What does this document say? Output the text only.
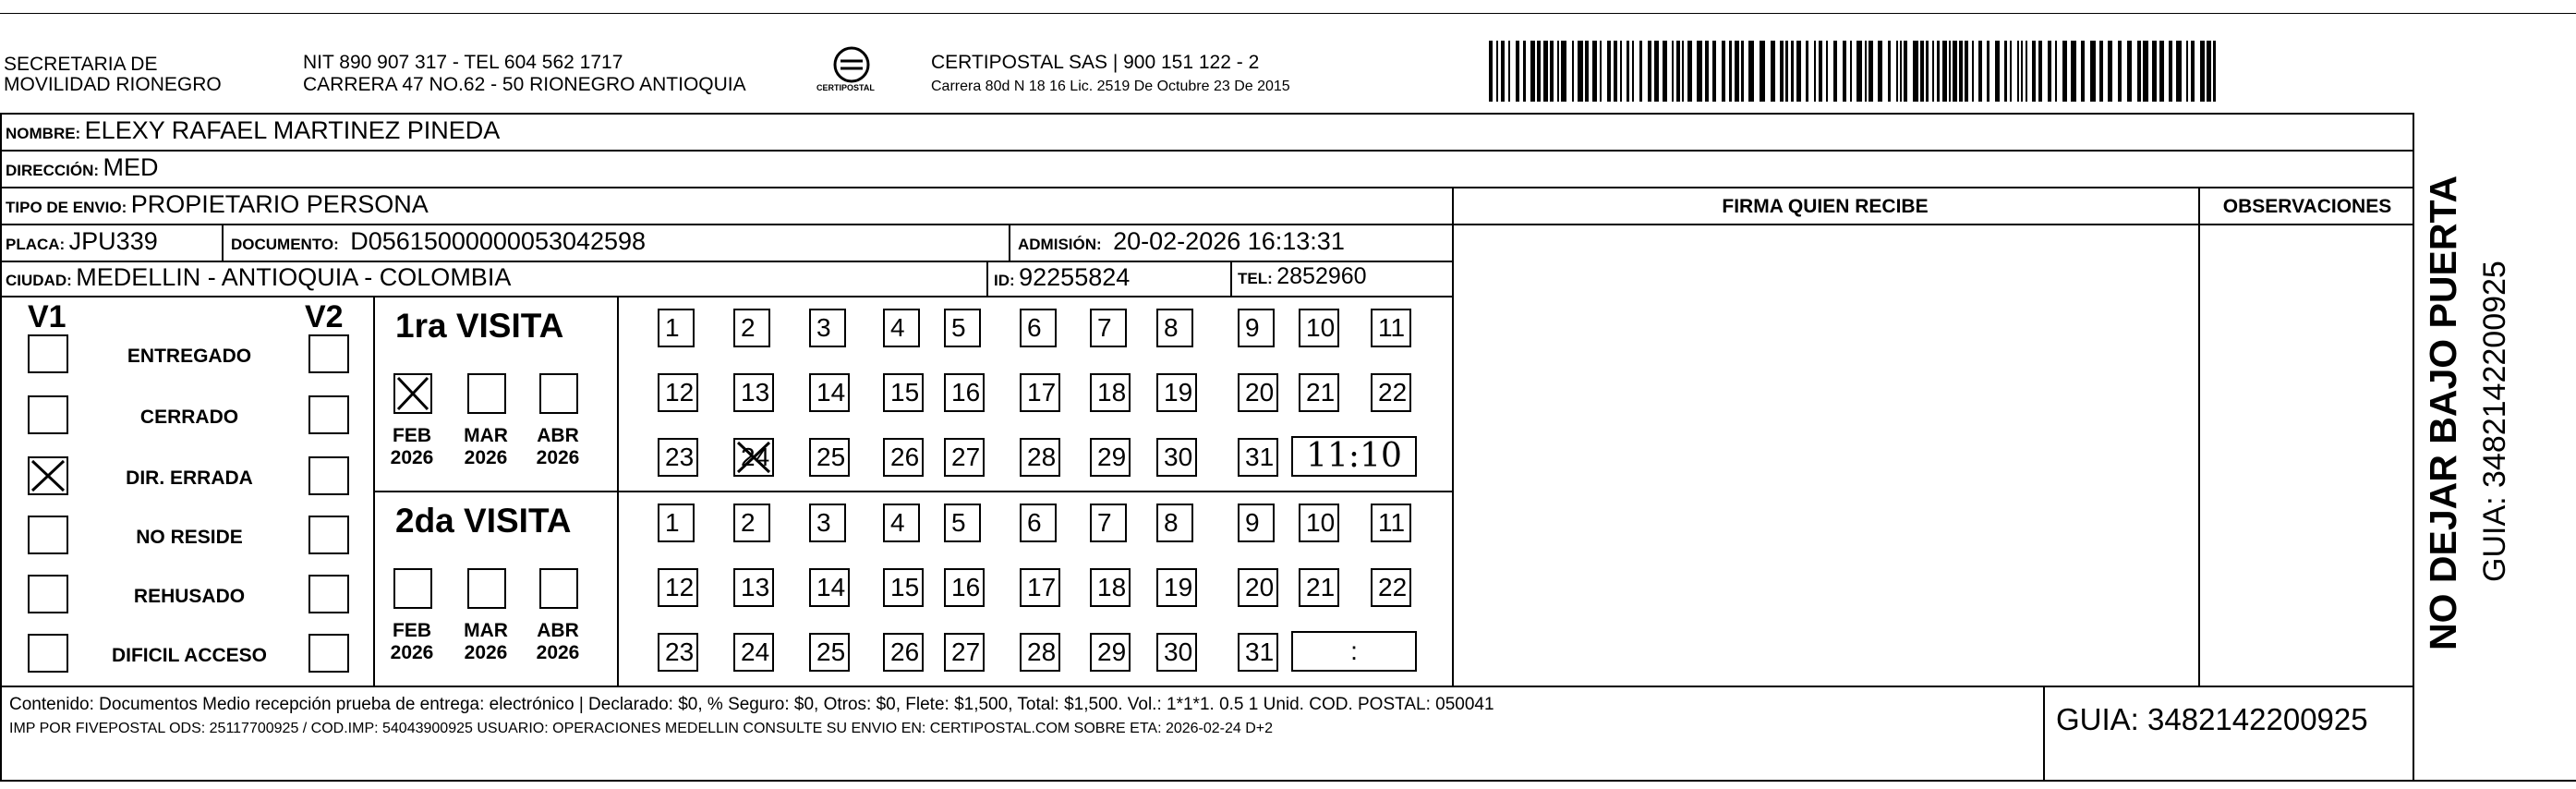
SECRETARIA DE
MOVILIDAD RIONEGRO
NIT 890 907 317 - TEL 604 562 1717
CARRERA 47 NO.62 - 50 RIONEGRO ANTIOQUIA	CERTIPOSTAL
CERTIPOSTAL SAS | 900 151 122 - 2
Carrera 80d N 18 16 Lic. 2519 De Octubre 23 De 2015
NOMBRE: ELEXY RAFAEL MARTINEZ PINEDA
DIRECCIÓN: MED
TIPO DE ENVIO: PROPIETARIO PERSONA	FIRMA QUIEN RECIBE	OBSERVACIONES
PLACA: JPU339	DOCUMENTO: D05615000000053042598	ADMISIÓN: 20-02-2026 16:13:31
CIUDAD: MEDELLIN - ANTIOQUIA - COLOMBIA	ID: 92255824	TEL: 2852960
V1	V2
ENTREGADO
CERRADO
DIR. ERRADA
NO RESIDE
REHUSADO
DIFICIL ACCESO
1ra VISITA
FEB
2026
MAR
2026
ABR
2026
1	2	3	4	5	6	7	8	9	10 11
12 13 14 15 16 17 18 19 20 21 22
23 24 25 26 27 28 29 30 31 11:10
2da VISITA
FEB
2026
MAR
2026
ABR
2026
1	2	3	4	5	6	7	8	9	10 11
12 13 14 15 16 17 18 19 20 21 22
23 24 25 26 27 28 29 30 31	:
Contenido: Documentos Medio recepción prueba de entrega: electrónico | Declarado: $0, % Seguro: $0, Otros: $0, Flete: $1,500, Total: $1,500. Vol.: 1*1*1. 0.5 1 Unid. COD. POSTAL: 050041
IMP POR FIVEPOSTAL ODS: 25117700925 / COD.IMP: 54043900925 USUARIO: OPERACIONES MEDELLIN CONSULTE SU ENVIO EN: CERTIPOSTAL.COM SOBRE ETA: 2026-02-24 D+2	GUIA: 3482142200925
NO DEJAR BAJO PUERTA GUIA: 3482142200925
